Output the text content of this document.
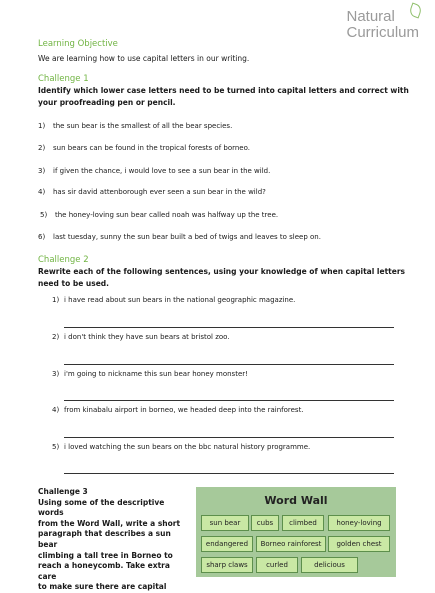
Natural
Curriculum
Learning Objective
We are learning how to use capital letters in our writing.
Challenge 1
Identify which lower case letters need to be turned into capital letters and correct with
your proofreading pen or pencil.
1) the sun bear is the smallest of all the bear species.
2) sun bears can be found in the tropical forests of borneo.
3) if given the chance, i would love to see a sun bear in the wild.
4) has sir david attenborough ever seen a sun bear in the wild?
5) the honey-loving sun bear called noah was halfway up the tree.
6) last tuesday, sunny the sun bear built a bed of twigs and leaves to sleep on.
Challenge 2
Rewrite each of the following sentences, using your knowledge of when capital letters
need to be used.
1) i have read about sun bears in the national geographic magazine.
2) i don't think they have sun bears at bristol zoo.
3) i'm going to nickname this sun bear honey monster!
4) from kinabalu airport in borneo, we headed deep into the rainforest.
5) i loved watching the sun bears on the bbc natural history programme.
Challenge 3
Using some of the descriptive words
from the Word Wall, write a short
paragraph that describes a sun bear
climbing a tall tree in Borneo to
reach a honeycomb. Take extra care
to make sure there are capital
Word Wall
sun bear	cubs	climbed	honey-loving
endangered	Borneo rainforest	golden chest
sharp claws	curled	delicious
